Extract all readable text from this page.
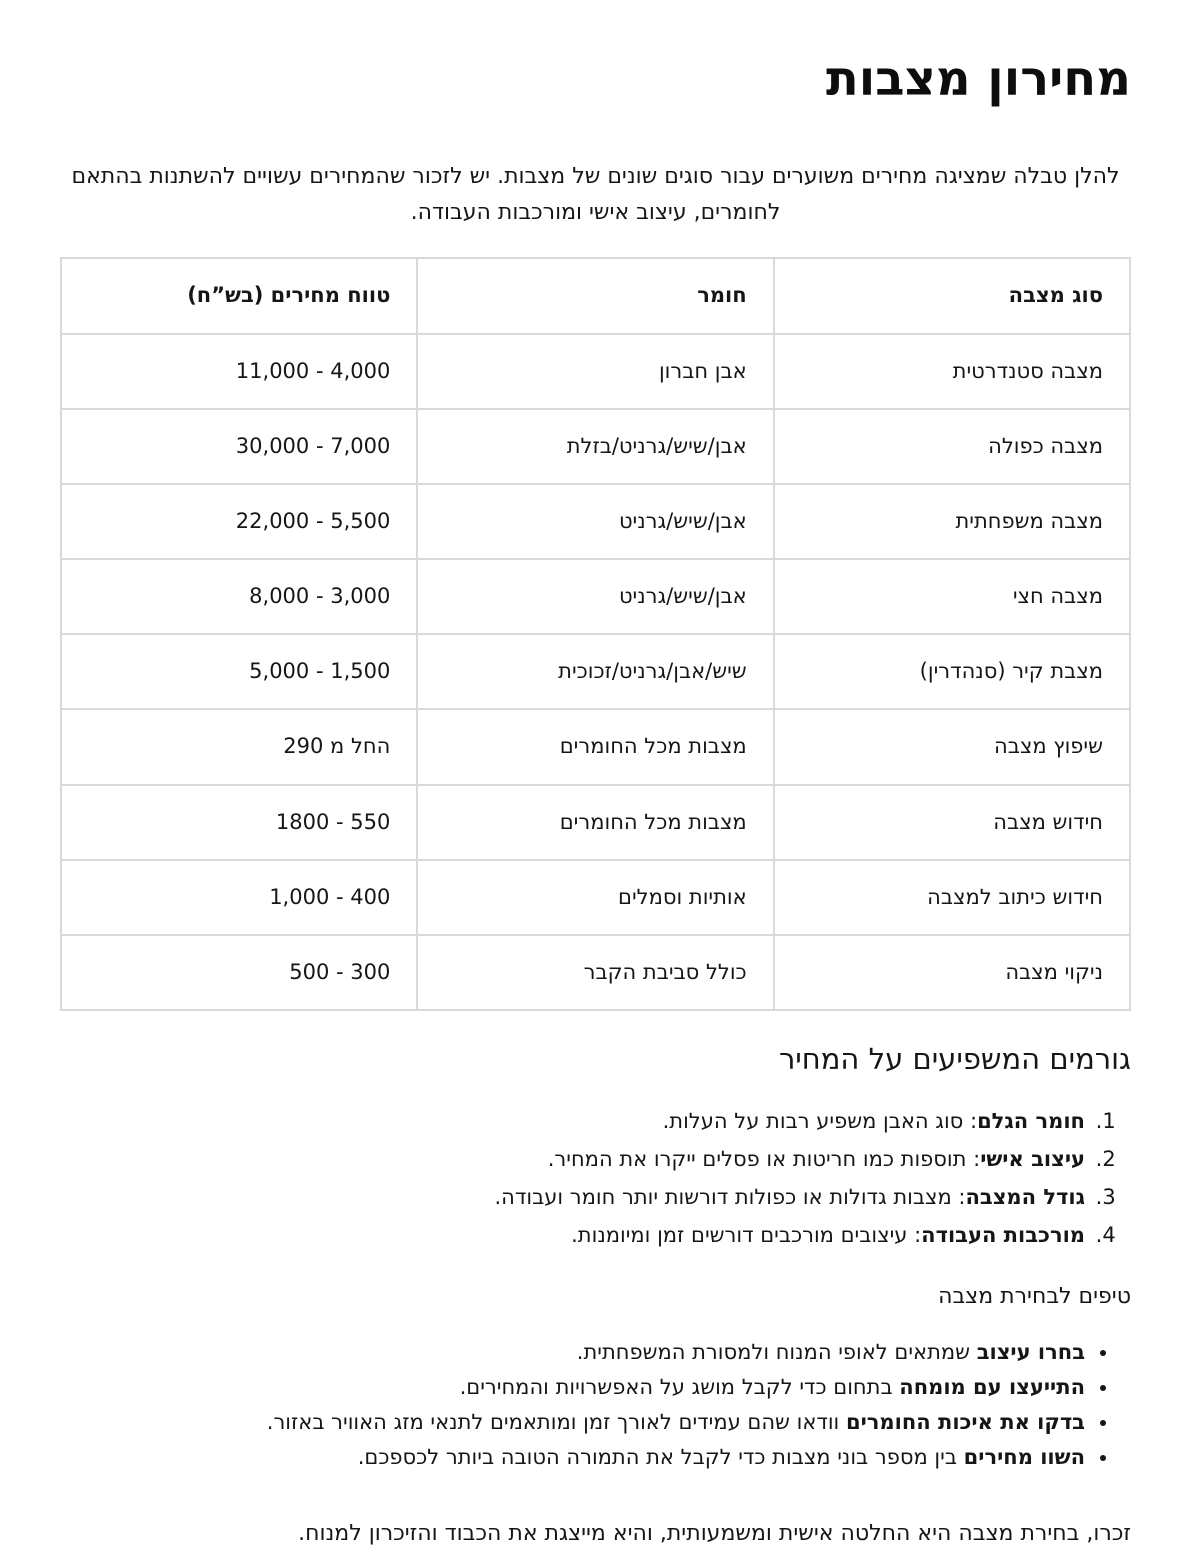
מחירון מצבות

להלן טבלה שמציגה מחירים משוערים עבור סוגים שונים של מצבות. יש לזכור שהמחירים עשויים להשתנות בהתאם לחומרים, עיצוב אישי ומורכבות העבודה.

סוג מצבה	חומר	טווח מחירים (בש”ח)
מצבה סטנדרטית	אבן חברון	4,000 - 11,000
מצבה כפולה	אבן/שיש/גרניט/בזלת	7,000 - 30,000
מצבה משפחתית	אבן/שיש/גרניט	5,500 - 22,000
מצבה חצי	אבן/שיש/גרניט	3,000 - 8,000
מצבת קיר (סנהדרין)	שיש/אבן/גרניט/זכוכית	1,500 - 5,000
שיפוץ מצבה	מצבות מכל החומרים	החל מ 290
חידוש מצבה	מצבות מכל החומרים	550 - 1800
חידוש כיתוב למצבה	אותיות וסמלים	400 - 1,000
ניקוי מצבה	כולל סביבת הקבר	300 - 500
גורמים המשפיעים על המחיר
1. חומר הגלם: סוג האבן משפיע רבות על העלות.
2. עיצוב אישי: תוספות כמו חריטות או פסלים ייקרו את המחיר.
3. גודל המצבה: מצבות גדולות או כפולות דורשות יותר חומר ועבודה.
4. מורכבות העבודה: עיצובים מורכבים דורשים זמן ומיומנות.
טיפים לבחירת מצבה
• בחרו עיצוב שמתאים לאופי המנוח ולמסורת המשפחתית.
• התייעצו עם מומחה בתחום כדי לקבל מושג על האפשרויות והמחירים.
• בדקו את איכות החומרים וודאו שהם עמידים לאורך זמן ומותאמים לתנאי מזג האוויר באזור.
• השוו מחירים בין מספר בוני מצבות כדי לקבל את התמורה הטובה ביותר לכספכם.

זכרו, בחירת מצבה היא החלטה אישית ומשמעותית, והיא מייצגת את הכבוד והזיכרון למנוח.
